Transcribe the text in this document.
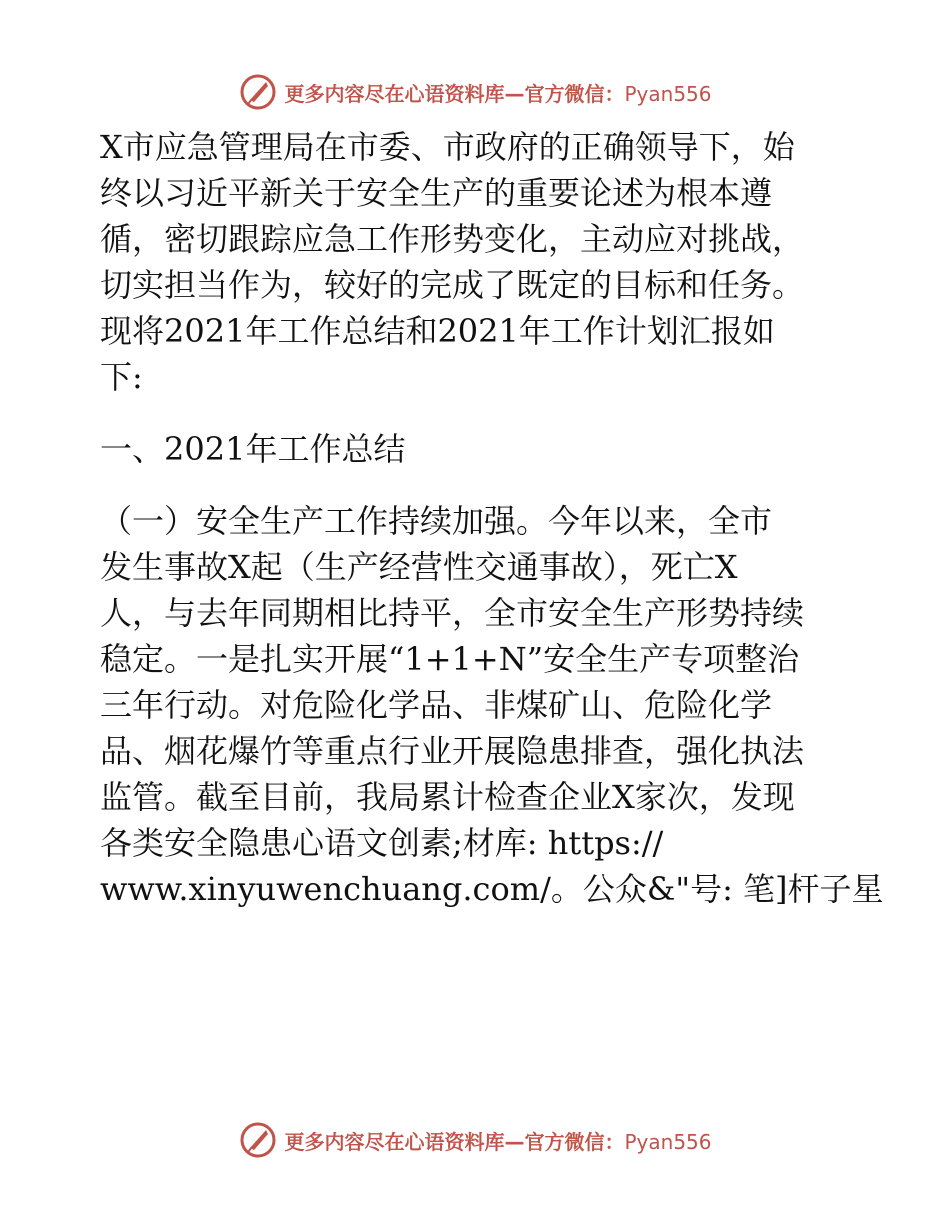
更多内容尽在心语资料库—官方微信：Pyan556
X市应急管理局在市委、市政府的正确领导下，始
终以习近平新关于安全生产的重要论述为根本遵
循，密切跟踪应急工作形势变化，主动应对挑战，
切实担当作为，较好的完成了既定的目标和任务。
现将2021年工作总结和2021年工作计划汇报如
下:
一、2021年工作总结
（一）安全生产工作持续加强。今年以来，全市
发生事故X起（生产经营性交通事故），死亡X
人，与去年同期相比持平，全市安全生产形势持续
稳定。一是扎实开展“1+1+N”安全生产专项整治
三年行动。对危险化学品、非煤矿山、危险化学
品、烟花爆竹等重点行业开展隐患排查，强化执法
监管。截至目前，我局累计检查企业X家次，发现
各类安全隐患心语文创素;材库: https://
www.xinyuwenchuang.com/。公众&"号: 笔]杆子星
更多内容尽在心语资料库—官方微信：Pyan556
